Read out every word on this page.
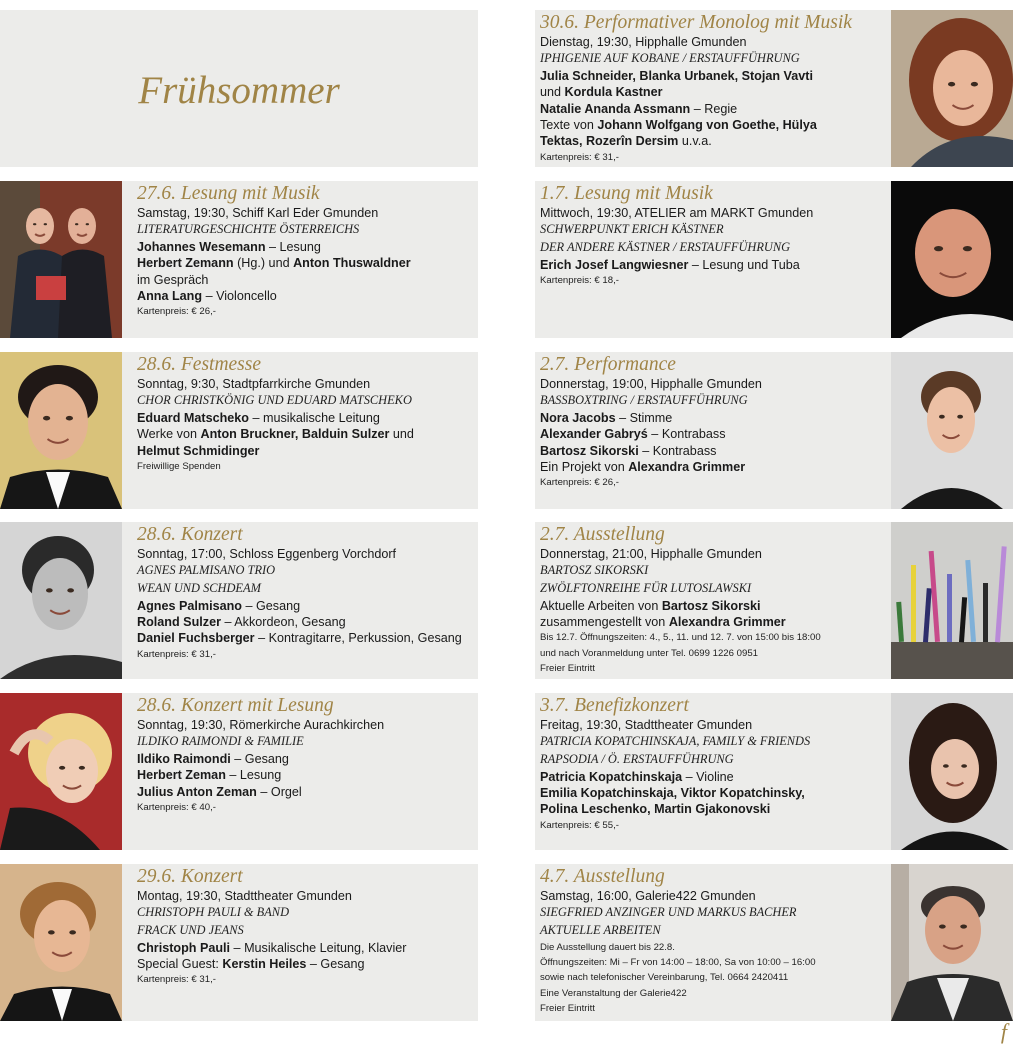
Frühsommer
30.6. Performativer Monolog mit Musik
Dienstag, 19:30, Hipphalle Gmunden
IPHIGENIE AUF KOBANE / ERSTAUFFÜHRUNG
Julia Schneider, Blanka Urbanek, Stojan Vavti
und Kordula Kastner
Natalie Ananda Assmann – Regie
Texte von Johann Wolfgang von Goethe, Hülya
Tektas, Rozerîn Dersim u.v.a.
Kartenpreis: € 31,-
27.6. Lesung mit Musik
Samstag, 19:30, Schiff Karl Eder Gmunden
LITERATURGESCHICHTE ÖSTERREICHS
Johannes Wesemann – Lesung
Herbert Zemann (Hg.) und Anton Thuswaldner
im Gespräch
Anna Lang – Violoncello
Kartenpreis: € 26,-
1.7. Lesung mit Musik
Mittwoch, 19:30, ATELIER am MARKT Gmunden
SCHWERPUNKT ERICH KÄSTNER
DER ANDERE KÄSTNER / ERSTAUFFÜHRUNG
Erich Josef Langwiesner – Lesung und Tuba
Kartenpreis: € 18,-
28.6. Festmesse
Sonntag, 9:30, Stadtpfarrkirche Gmunden
CHOR CHRISTKÖNIG UND EDUARD MATSCHEKO
Eduard Matscheko – musikalische Leitung
Werke von Anton Bruckner, Balduin Sulzer und
Helmut Schmidinger
Freiwillige Spenden
2.7. Performance
Donnerstag, 19:00, Hipphalle Gmunden
BASSBOXTRING / ERSTAUFFÜHRUNG
Nora Jacobs – Stimme
Alexander Gabryś – Kontrabass
Bartosz Sikorski – Kontrabass
Ein Projekt von Alexandra Grimmer
Kartenpreis: € 26,-
28.6. Konzert
Sonntag, 17:00, Schloss Eggenberg Vorchdorf
AGNES PALMISANO TRIO
WEAN UND SCHDEAM
Agnes Palmisano – Gesang
Roland Sulzer – Akkordeon, Gesang
Daniel Fuchsberger – Kontragitarre, Perkussion, Gesang
Kartenpreis: € 31,-
2.7. Ausstellung
Donnerstag, 21:00, Hipphalle Gmunden
BARTOSZ SIKORSKI
ZWÖLFTONREIHE FÜR LUTOSLAWSKI
Aktuelle Arbeiten von Bartosz Sikorski
zusammengestellt von Alexandra Grimmer
Bis 12.7. Öffnungszeiten: 4., 5., 11. und 12. 7. von 15:00 bis 18:00
und nach Voranmeldung unter Tel. 0699 1226 0951
Freier Eintritt
28.6. Konzert mit Lesung
Sonntag, 19:30, Römerkirche Aurachkirchen
ILDIKO RAIMONDI & FAMILIE
Ildiko Raimondi – Gesang
Herbert Zeman – Lesung
Julius Anton Zeman – Orgel
Kartenpreis: € 40,-
3.7. Benefizkonzert
Freitag, 19:30, Stadttheater Gmunden
PATRICIA KOPATCHINSKAJA, FAMILY & FRIENDS
RAPSODIA / Ö. ERSTAUFFÜHRUNG
Patricia Kopatchinskaja – Violine
Emilia Kopatchinskaja, Viktor Kopatchinsky,
Polina Leschenko, Martin Gjakonovski
Kartenpreis: € 55,-
29.6. Konzert
Montag, 19:30, Stadttheater Gmunden
CHRISTOPH PAULI & BAND
FRACK UND JEANS
Christoph Pauli – Musikalische Leitung, Klavier
Special Guest: Kerstin Heiles – Gesang
Kartenpreis: € 31,-
4.7. Ausstellung
Samstag, 16:00, Galerie422 Gmunden
SIEGFRIED ANZINGER UND MARKUS BACHER
AKTUELLE ARBEITEN
Die Ausstellung dauert bis 22.8.
Öffnungszeiten: Mi – Fr von 14:00 – 18:00, Sa von 10:00 – 16:00
sowie nach telefonischer Vereinbarung, Tel. 0664 2420411
Eine Veranstaltung der Galerie422
Freier Eintritt
f
